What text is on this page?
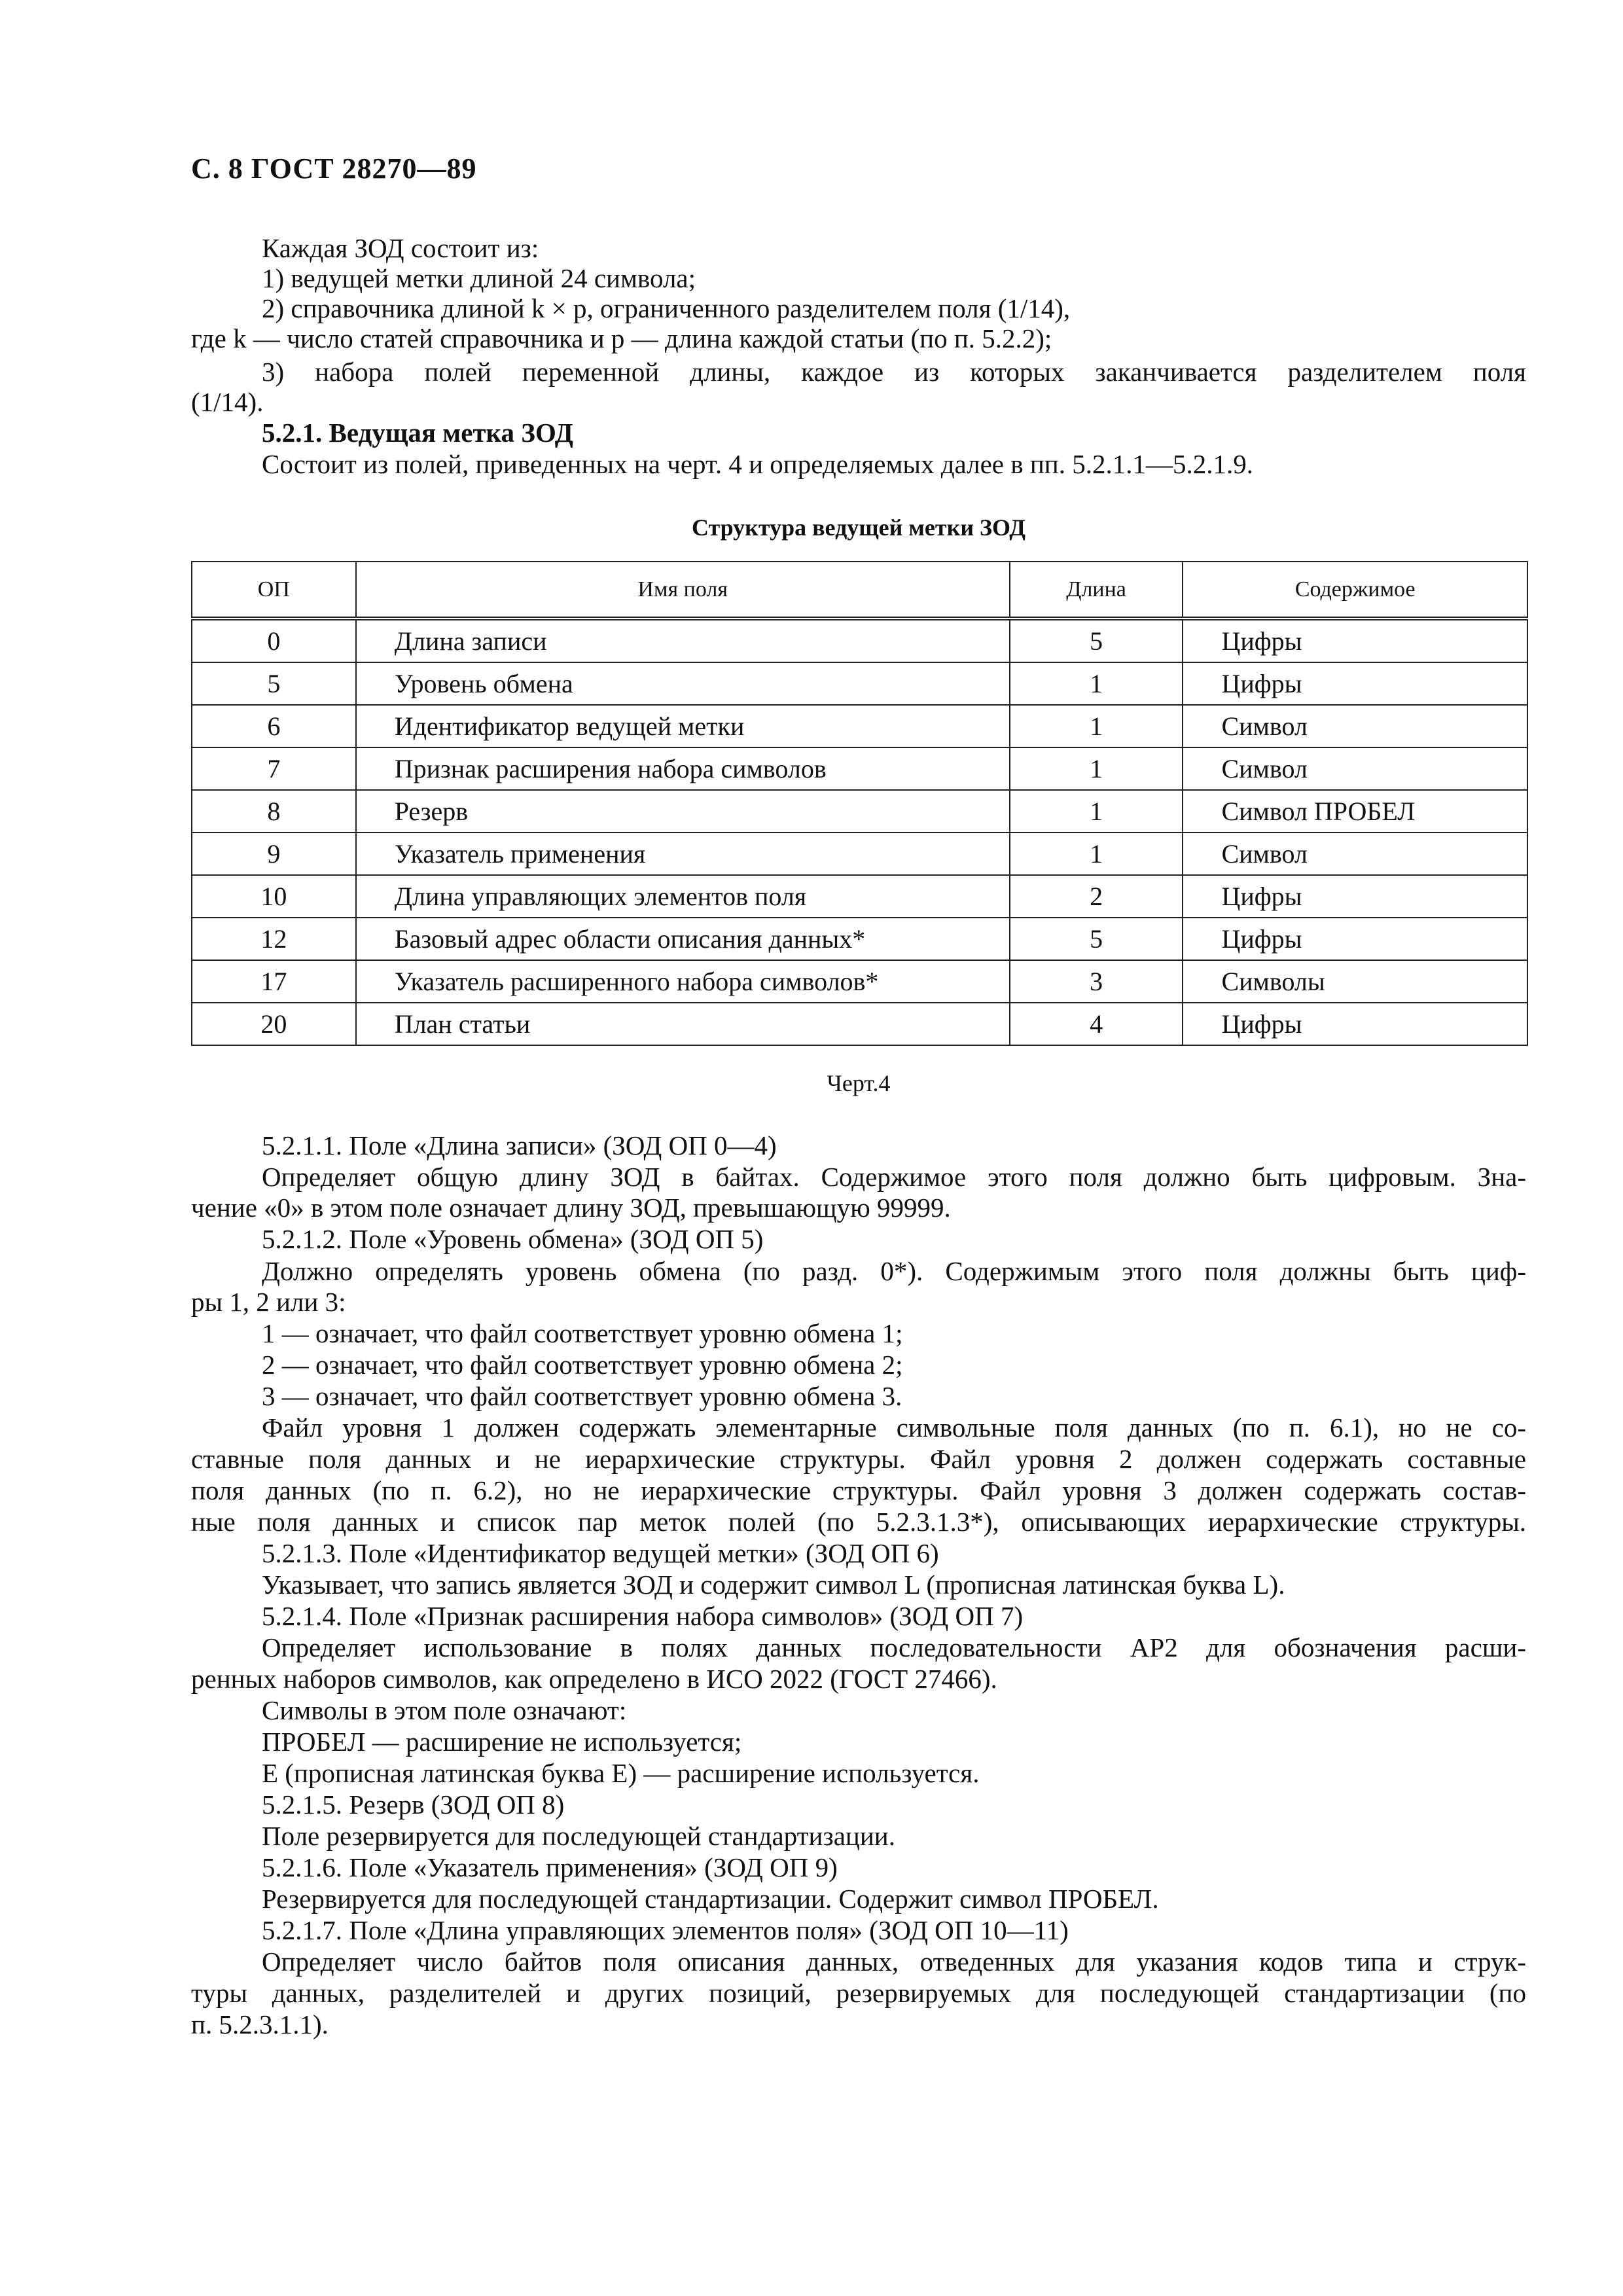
С. 8 ГОСТ 28270—89
Каждая ЗОД состоит из:
1) ведущей метки длиной 24 символа;
2) справочника длиной k × p, ограниченного разделителем поля (1/14),
где k — число статей справочника и p — длина каждой статьи (по п. 5.2.2);
3) набора полей переменной длины, каждое из которых заканчивается разделителем поля
(1/14).
5.2.1. Ведущая метка ЗОД
Состоит из полей, приведенных на черт. 4 и определяемых далее в пп. 5.2.1.1—5.2.1.9.
Структура ведущей метки ЗОД
ОП	Имя поля	Длина	Содержимое
0	Длина записи	5	Цифры
5	Уровень обмена	1	Цифры
6	Идентификатор ведущей метки	1	Символ
7	Признак расширения набора символов	1	Символ
8	Резерв	1	Символ ПРОБЕЛ
9	Указатель применения	1	Символ
10	Длина управляющих элементов поля	2	Цифры
12	Базовый адрес области описания данных*	5	Цифры
17	Указатель расширенного набора символов*	3	Символы
20	План статьи	4	Цифры
Черт.4
5.2.1.1. Поле «Длина записи» (ЗОД ОП 0—4)
Определяет общую длину ЗОД в байтах. Содержимое этого поля должно быть цифровым. Зна-
чение «0» в этом поле означает длину ЗОД, превышающую 99999.
5.2.1.2. Поле «Уровень обмена» (ЗОД ОП 5)
Должно определять уровень обмена (по разд. 0*). Содержимым этого поля должны быть циф-
ры 1, 2 или 3:
1 — означает, что файл соответствует уровню обмена 1;
2 — означает, что файл соответствует уровню обмена 2;
3 — означает, что файл соответствует уровню обмена 3.
Файл уровня 1 должен содержать элементарные символьные поля данных (по п. 6.1), но не со-
ставные поля данных и не иерархические структуры. Файл уровня 2 должен содержать составные
поля данных (по п. 6.2), но не иерархические структуры. Файл уровня 3 должен содержать состав-
ные поля данных и список пар меток полей (по 5.2.3.1.3*), описывающих иерархические структуры.
5.2.1.3. Поле «Идентификатор ведущей метки» (ЗОД ОП 6)
Указывает, что запись является ЗОД и содержит символ L (прописная латинская буква L).
5.2.1.4. Поле «Признак расширения набора символов» (ЗОД ОП 7)
Определяет использование в полях данных последовательности АР2 для обозначения расши-
ренных наборов символов, как определено в ИСО 2022 (ГОСТ 27466).
Символы в этом поле означают:
ПРОБЕЛ — расширение не используется;
Е (прописная латинская буква Е) — расширение используется.
5.2.1.5. Резерв (ЗОД ОП 8)
Поле резервируется для последующей стандартизации.
5.2.1.6. Поле «Указатель применения» (ЗОД ОП 9)
Резервируется для последующей стандартизации. Содержит символ ПРОБЕЛ.
5.2.1.7. Поле «Длина управляющих элементов поля» (ЗОД ОП 10—11)
Определяет число байтов поля описания данных, отведенных для указания кодов типа и струк-
туры данных, разделителей и других позиций, резервируемых для последующей стандартизации (по
п. 5.2.3.1.1).
